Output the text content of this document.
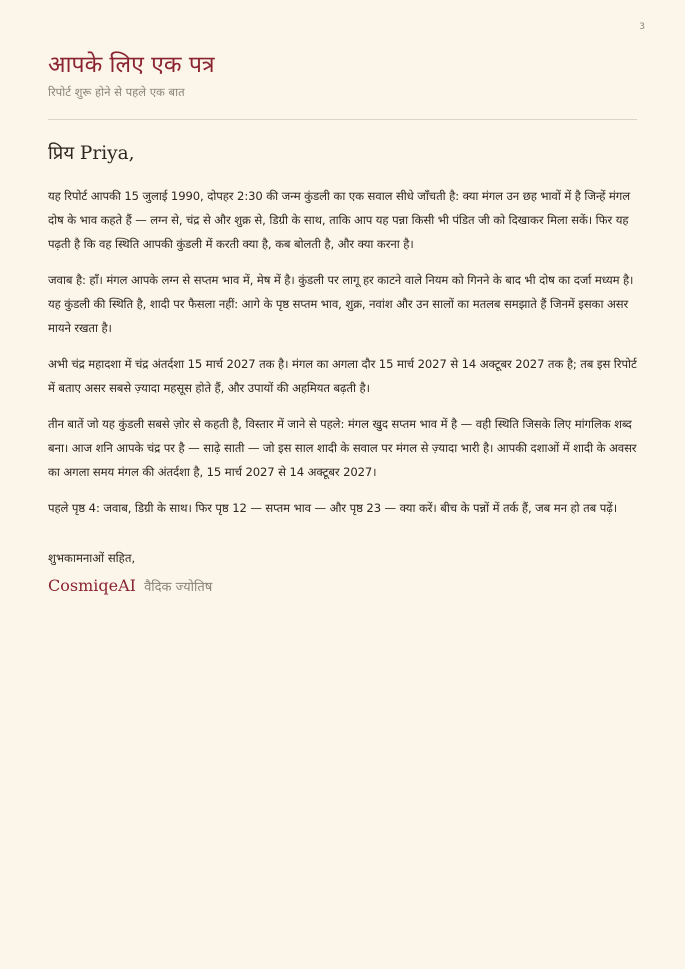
3
आपके लिए एक पत्र
रिपोर्ट शुरू होने से पहले एक बात

प्रिय Priya,

यह रिपोर्ट आपकी 15 जुलाई 1990, दोपहर 2:30 की जन्म कुंडली का एक सवाल सीधे जाँचती है: क्या मंगल उन छह भावों में है जिन्हें मंगल दोष के भाव कहते हैं — लग्न से, चंद्र से और शुक्र से, डिग्री के साथ, ताकि आप यह पन्ना किसी भी पंडित जी को दिखाकर मिला सकें। फिर यह पढ़ती है कि वह स्थिति आपकी कुंडली में करती क्या है, कब बोलती है, और क्या करना है।

जवाब है: हाँ। मंगल आपके लग्न से सप्तम भाव में, मेष में है। कुंडली पर लागू हर काटने वाले नियम को गिनने के बाद भी दोष का दर्जा मध्यम है। यह कुंडली की स्थिति है, शादी पर फैसला नहीं: आगे के पृष्ठ सप्तम भाव, शुक्र, नवांश और उन सालों का मतलब समझाते हैं जिनमें इसका असर मायने रखता है।

अभी चंद्र महादशा में चंद्र अंतर्दशा 15 मार्च 2027 तक है। मंगल का अगला दौर 15 मार्च 2027 से 14 अक्टूबर 2027 तक है; तब इस रिपोर्ट में बताए असर सबसे ज़्यादा महसूस होते हैं, और उपायों की अहमियत बढ़ती है।

तीन बातें जो यह कुंडली सबसे ज़ोर से कहती है, विस्तार में जाने से पहले: मंगल खुद सप्तम भाव में है — वही स्थिति जिसके लिए मांगलिक शब्द बना। आज शनि आपके चंद्र पर है — साढ़े साती — जो इस साल शादी के सवाल पर मंगल से ज़्यादा भारी है। आपकी दशाओं में शादी के अवसर का अगला समय मंगल की अंतर्दशा है, 15 मार्च 2027 से 14 अक्टूबर 2027।

पहले पृष्ठ 4: जवाब, डिग्री के साथ। फिर पृष्ठ 12 — सप्तम भाव — और पृष्ठ 23 — क्या करें। बीच के पन्नों में तर्क हैं, जब मन हो तब पढ़ें।

शुभकामनाओं सहित,

CosmiqeAI वैदिक ज्योतिष
